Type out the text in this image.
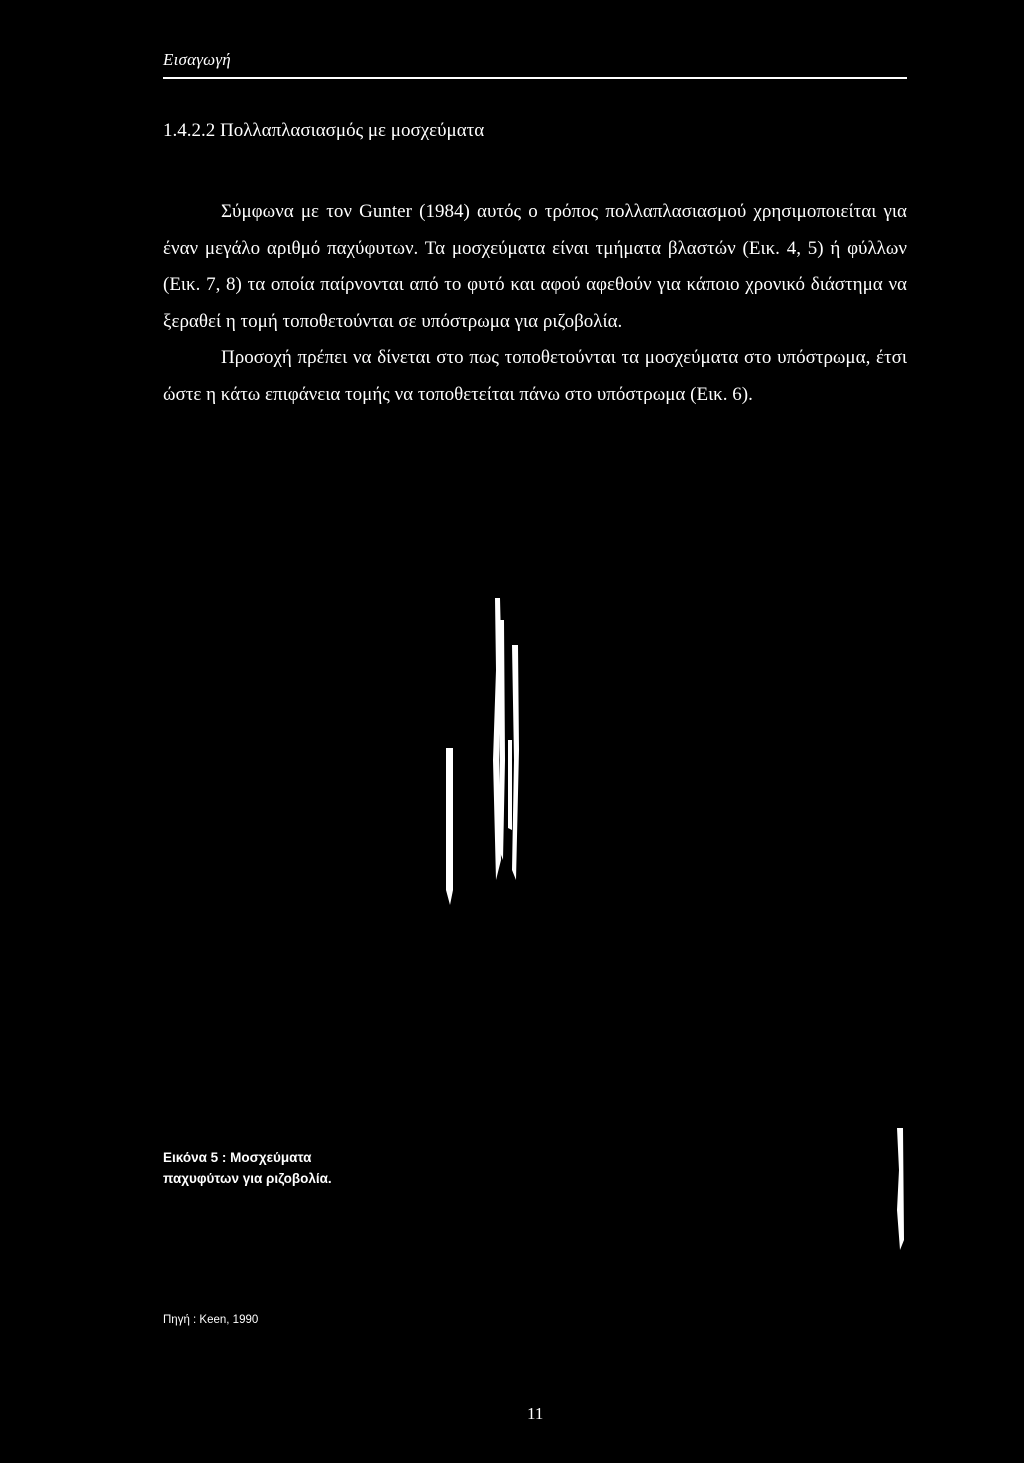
Εισαγωγή
1.4.2.2 Πολλαπλασιασμός με μοσχεύματα

Σύμφωνα με τον Gunter (1984) αυτός ο τρόπος πολλαπλασιασμού χρησιμοποιείται για έναν μεγάλο αριθμό παχύφυτων. Τα μοσχεύματα είναι τμήματα βλαστών (Εικ. 4, 5) ή φύλλων (Εικ. 7, 8) τα οποία παίρνονται από το φυτό και αφού αφεθούν για κάποιο χρονικό διάστημα να ξεραθεί η τομή τοποθετούνται σε υπόστρωμα για ριζοβολία.

Προσοχή πρέπει να δίνεται στο πως τοποθετούνται τα μοσχεύματα στο υπόστρωμα, έτσι ώστε η κάτω επιφάνεια τομής να τοποθετείται πάνω στο υπόστρωμα (Εικ. 6).

Εικόνα 5 : Μοσχεύματα
παχυφύτων για ριζοβολία.
Πηγή : Keen, 1990
11
